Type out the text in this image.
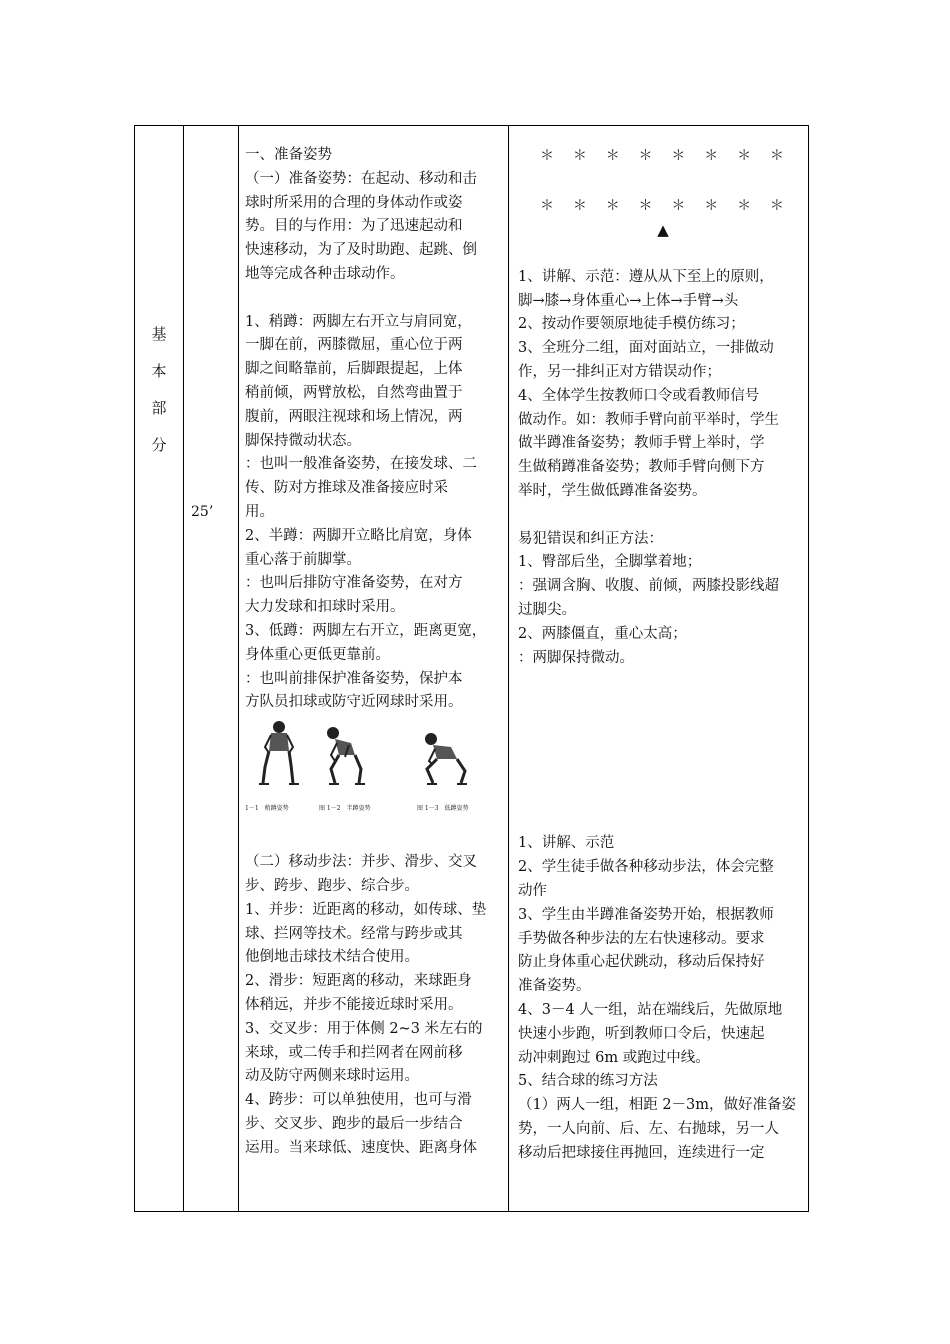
基
本
部
分
25’

一、准备姿势

（一）准备姿势：在起动、移动和击

球时所采用的合理的身体动作或姿

势。目的与作用：为了迅速起动和

快速移动，为了及时助跑、起跳、倒

地等完成各种击球动作。

1、稍蹲：两脚左右开立与肩同宽，

一脚在前，两膝微屈，重心位于两

脚之间略靠前，后脚跟提起，上体

稍前倾，两臂放松，自然弯曲置于

腹前，两眼注视球和场上情况，两

脚保持微动状态。

：也叫一般准备姿势，在接发球、二

传、防对方推球及准备接应时采

用。

2、半蹲：两脚开立略比肩宽，身体

重心落于前脚掌。

：也叫后排防守准备姿势，在对方

大力发球和扣球时采用。

3、低蹲：两脚左右开立，距离更宽，

身体重心更低更靠前。

：也叫前排保护准备姿势，保护本

方队员扣球或防守近网球时采用。

1－1　稍蹲姿势	图 1－2　半蹲姿势	图 1－3　低蹲姿势

（二）移动步法：并步、滑步、交叉

步、跨步、跑步、综合步。

1、并步：近距离的移动，如传球、垫

球、拦网等技术。经常与跨步或其

他倒地击球技术结合使用。

2、滑步：短距离的移动，来球距身

体稍远，并步不能接近球时采用。

3、交叉步：用于体侧 2~3 米左右的

来球，或二传手和拦网者在网前移

动及防守两侧来球时运用。

4、跨步：可以单独使用，也可与滑

步、交叉步、跑步的最后一步结合

运用。当来球低、速度快、距离身体

＊ ＊ ＊ ＊ ＊ ＊ ＊ ＊
＊ ＊ ＊ ＊ ＊ ＊ ＊ ＊
▲

1、讲解、示范：遵从从下至上的原则，

脚→膝→身体重心→上体→手臂→头

2、按动作要领原地徒手模仿练习；

3、全班分二组，面对面站立，一排做动

作，另一排纠正对方错误动作；

4、全体学生按教师口令或看教师信号

做动作。如：教师手臂向前平举时，学生

做半蹲准备姿势；教师手臂上举时，学

生做稍蹲准备姿势；教师手臂向侧下方

举时，学生做低蹲准备姿势。

易犯错误和纠正方法：

1、臀部后坐，全脚掌着地；

：强调含胸、收腹、前倾，两膝投影线超

过脚尖。

2、两膝僵直，重心太高；

：两脚保持微动。

1、讲解、示范

2、学生徒手做各种移动步法，体会完整

动作

3、学生由半蹲准备姿势开始，根据教师

手势做各种步法的左右快速移动。要求

防止身体重心起伏跳动，移动后保持好

准备姿势。

4、3－4 人一组，站在端线后，先做原地

快速小步跑，听到教师口令后，快速起

动冲刺跑过 6m 或跑过中线。

5、结合球的练习方法

（1）两人一组，相距 2－3m，做好准备姿

势，一人向前、后、左、右抛球，另一人

移动后把球接住再抛回，连续进行一定
